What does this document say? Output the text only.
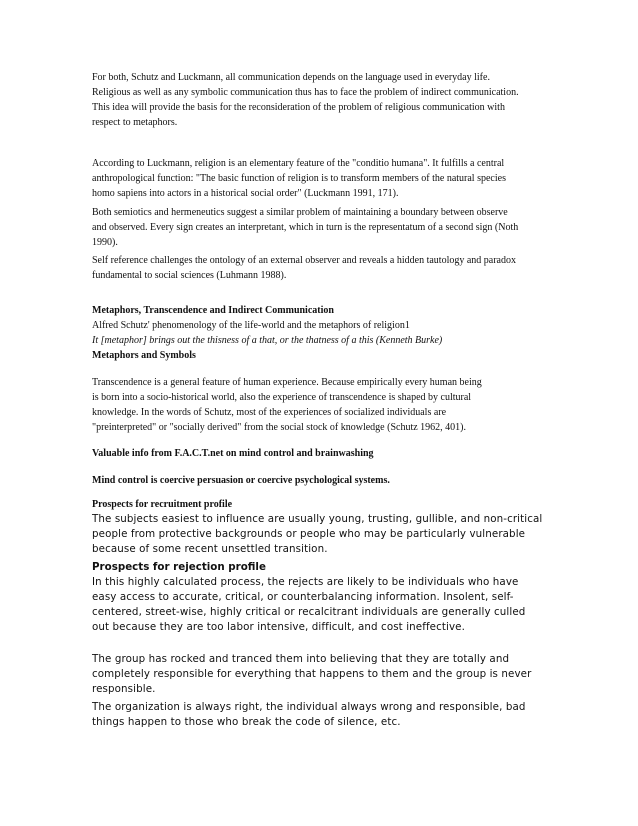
For both, Schutz and Luckmann, all communication depends on the language used in everyday life.
Religious as well as any symbolic communication thus has to face the problem of indirect communication.
This idea will provide the basis for the reconsideration of the problem of religious communication with
respect to metaphors.
According to Luckmann, religion is an elementary feature of the "conditio humana". It fulfills a central
anthropological function: "The basic function of religion is to transform members of the natural species
homo sapiens into actors in a historical social order" (Luckmann 1991, 171).
Both semiotics and hermeneutics suggest a similar problem of maintaining a boundary between observe
and observed. Every sign creates an interpretant, which in turn is the representatum of a second sign (Noth
1990).
Self reference challenges the ontology of an external observer and reveals a hidden tautology and paradox
fundamental to social sciences (Luhmann 1988).
Metaphors, Transcendence and Indirect Communication
Alfred Schutz' phenomenology of the life-world and the metaphors of religion1
It [metaphor] brings out the thisness of a that, or the thatness of a this (Kenneth Burke)
Metaphors and Symbols
Transcendence is a general feature of human experience. Because empirically every human being
is born into a socio-historical world, also the experience of transcendence is shaped by cultural
knowledge. In the words of Schutz, most of the experiences of socialized individuals are
"preinterpreted" or "socially derived" from the social stock of knowledge (Schutz 1962, 401).
Valuable info from F.A.C.T.net on mind control and brainwashing
Mind control is coercive persuasion or coercive psychological systems.
Prospects for recruitment profile
The subjects easiest to influence are usually young, trusting, gullible, and non-critical
people from protective backgrounds or people who may be particularly vulnerable
because of some recent unsettled transition.
Prospects for rejection profile
In this highly calculated process, the rejects are likely to be individuals who have
easy access to accurate, critical, or counterbalancing information. Insolent, self-
centered, street-wise, highly critical or recalcitrant individuals are generally culled
out because they are too labor intensive, difficult, and cost ineffective.
The group has rocked and tranced them into believing that they are totally and
completely responsible for everything that happens to them and the group is never
responsible.
The organization is always right, the individual always wrong and responsible, bad
things happen to those who break the code of silence, etc.
